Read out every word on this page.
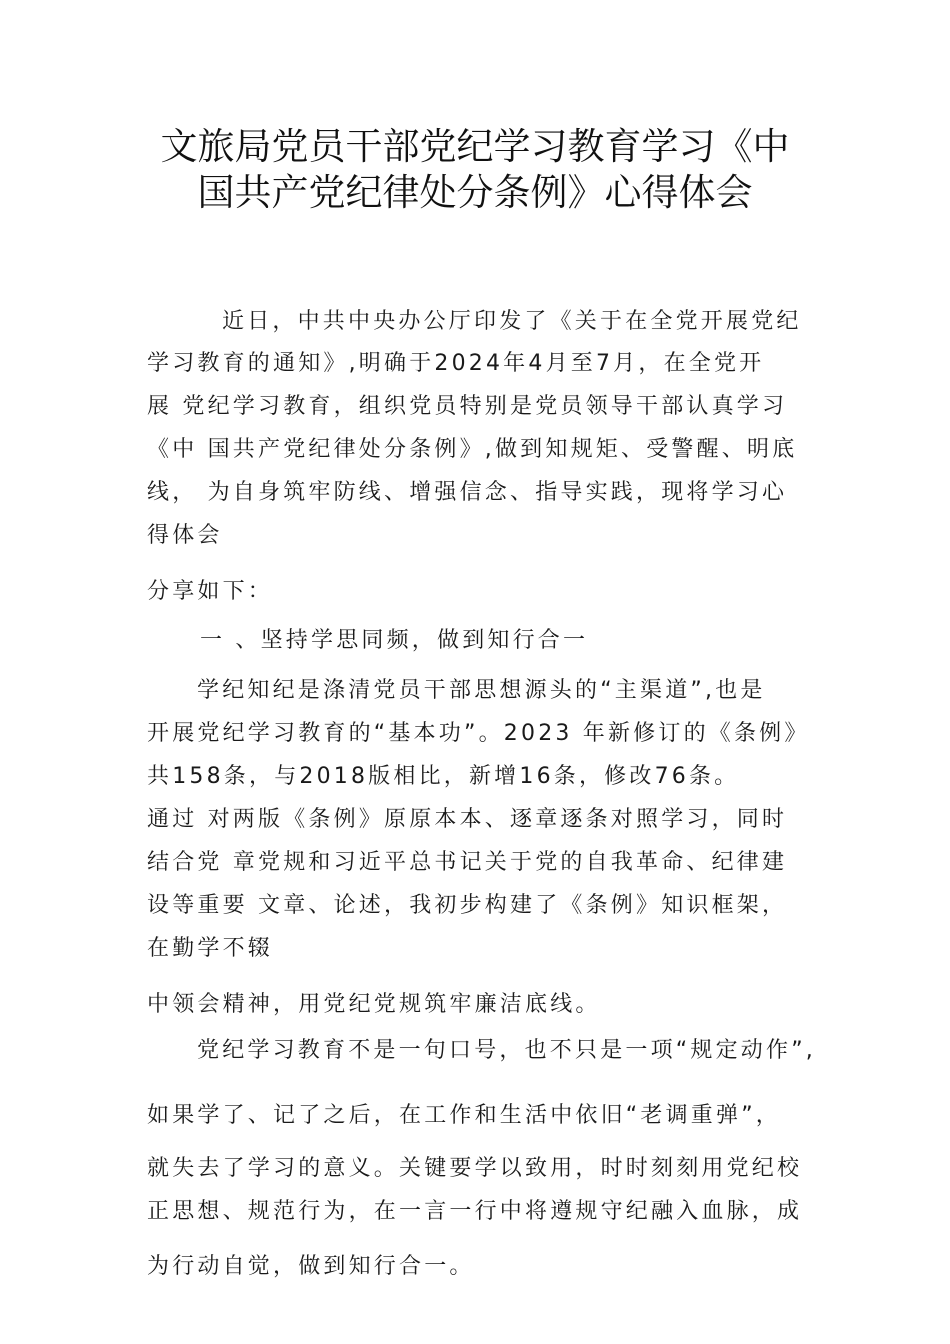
文旅局党员干部党纪学习教育学习《中
国共产党纪律处分条例》心得体会
近日，中共中央办公厅印发了《关于在全党开展党纪
学习教育的通知》,明确于2024年4月至7月，在全党开
展 党纪学习教育，组织党员特别是党员领导干部认真学习
《中 国共产党纪律处分条例》,做到知规矩、受警醒、明底
线， 为自身筑牢防线、增强信念、指导实践，现将学习心
得体会
分享如下：
一 、坚持学思同频，做到知行合一
学纪知纪是涤清党员干部思想源头的“主渠道”,也是
开展党纪学习教育的“基本功”。2023 年新修订的《条例》
共158条，与2018版相比，新增16条，修改76条。
通过 对两版《条例》原原本本、逐章逐条对照学习，同时
结合党 章党规和习近平总书记关于党的自我革命、纪律建
设等重要 文章、论述，我初步构建了《条例》知识框架，
在勤学不辍
中领会精神，用党纪党规筑牢廉洁底线。
党纪学习教育不是一句口号，也不只是一项“规定动作”,
如果学了、记了之后，在工作和生活中依旧“老调重弹”，
就失去了学习的意义。关键要学以致用，时时刻刻用党纪校
正思想、规范行为，在一言一行中将遵规守纪融入血脉，成
为行动自觉，做到知行合一。
